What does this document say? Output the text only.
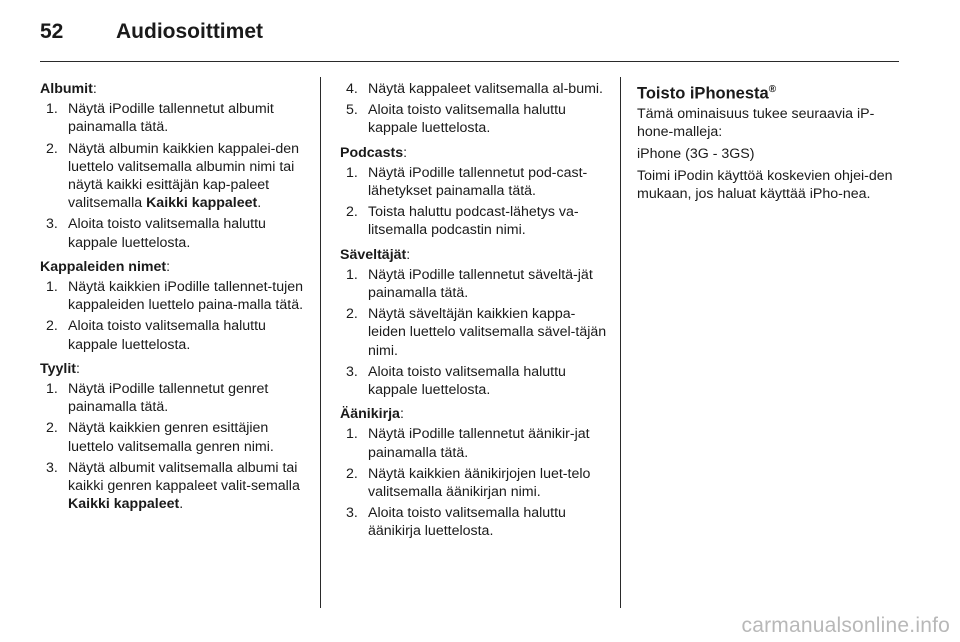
52	Audiosoittimet
Albumit:
1. Näytä iPodille tallennetut albumit painamalla tätä.
2. Näytä albumin kaikkien kappalei-den luettelo valitsemalla albumin nimi tai näytä kaikki esittäjän kap-paleet valitsemalla Kaikki kappaleet.
3. Aloita toisto valitsemalla haluttu kappale luettelosta.
Kappaleiden nimet:
1. Näytä kaikkien iPodille tallennet-tujen kappaleiden luettelo paina-malla tätä.
2. Aloita toisto valitsemalla haluttu kappale luettelosta.
Tyylit:
1. Näytä iPodille tallennetut genret painamalla tätä.
2. Näytä kaikkien genren esittäjien luettelo valitsemalla genren nimi.
3. Näytä albumit valitsemalla albumi tai kaikki genren kappaleet valit-semalla Kaikki kappaleet.
4. Näytä kappaleet valitsemalla al-bumi.
5. Aloita toisto valitsemalla haluttu kappale luettelosta.
Podcasts:
1. Näytä iPodille tallennetut pod-cast-lähetykset painamalla tätä.
2. Toista haluttu podcast-lähetys va-litsemalla podcastin nimi.
Säveltäjät:
1. Näytä iPodille tallennetut säveltä-jät painamalla tätä.
2. Näytä säveltäjän kaikkien kappa-leiden luettelo valitsemalla sävel-täjän nimi.
3. Aloita toisto valitsemalla haluttu kappale luettelosta.
Äänikirja:
1. Näytä iPodille tallennetut äänikir-jat painamalla tätä.
2. Näytä kaikkien äänikirjojen luet-telo valitsemalla äänikirjan nimi.
3. Aloita toisto valitsemalla haluttu äänikirja luettelosta.
Toisto iPhonesta®

Tämä ominaisuus tukee seuraavia iP-hone-malleja:

iPhone (3G - 3GS)

Toimi iPodin käyttöä koskevien ohjei-den mukaan, jos haluat käyttää iPho-nea.

carmanualsonline.info
